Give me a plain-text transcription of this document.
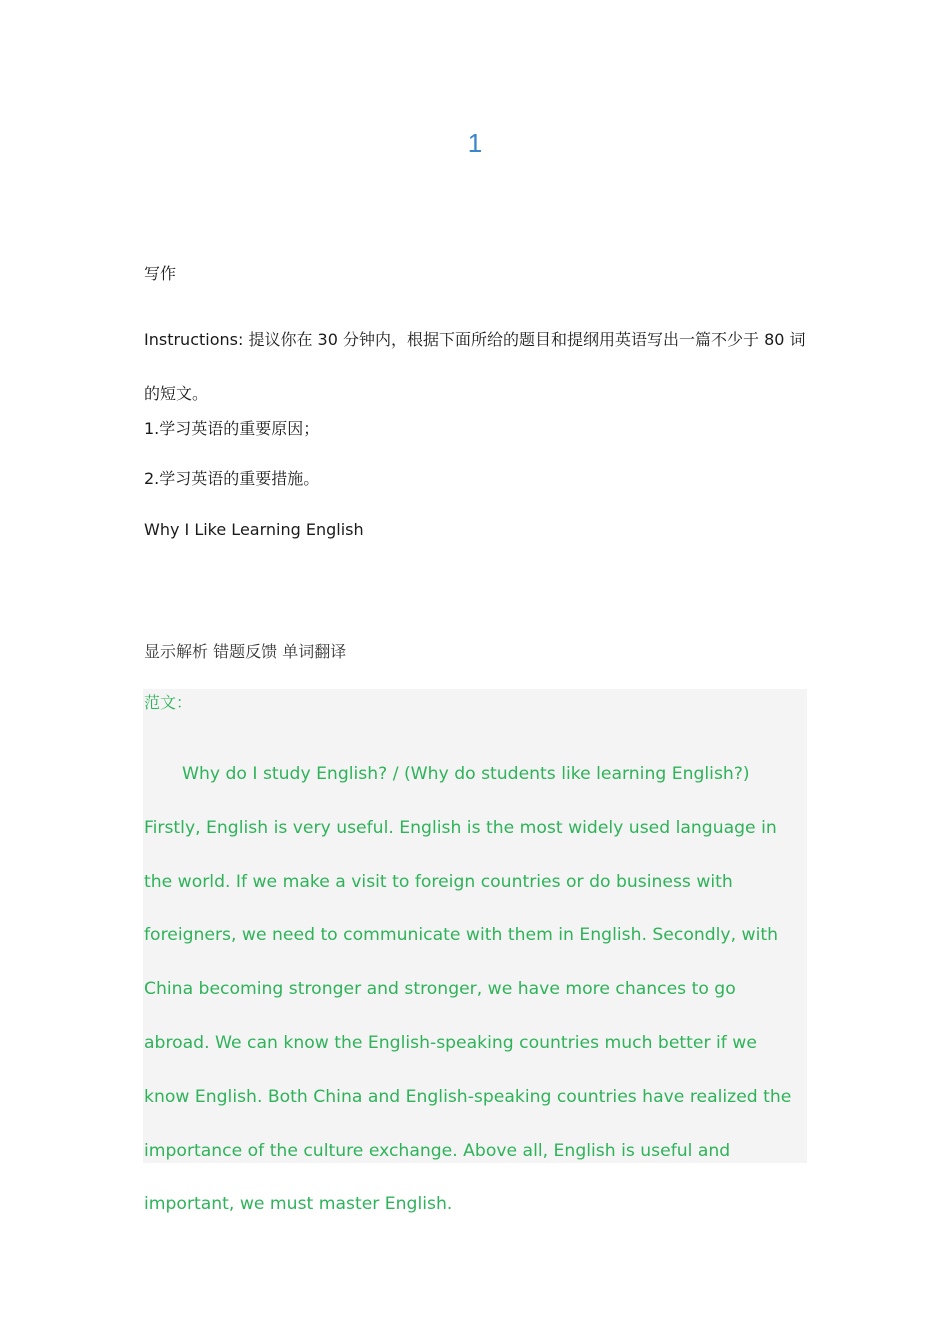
1
写作
Instructions: 提议你在 30 分钟内，根据下面所给的题目和提纲用英语写出一篇不少于 80 词的短文。
1.学习英语的重要原因；
2.学习英语的重要措施。
Why I Like Learning English
显示解析 错题反馈 单词翻译
范文：
Why do I study English? / (Why do students like learning English?) Firstly, English is very useful. English is the most widely used language in the world. If we make a visit to foreign countries or do business with foreigners, we need to communicate with them in English. Secondly, with China becoming stronger and stronger, we have more chances to go abroad. We can know the English-speaking countries much better if we know English. Both China and English-speaking countries have realized the importance of the culture exchange. Above all, English is useful and important, we must master English.
